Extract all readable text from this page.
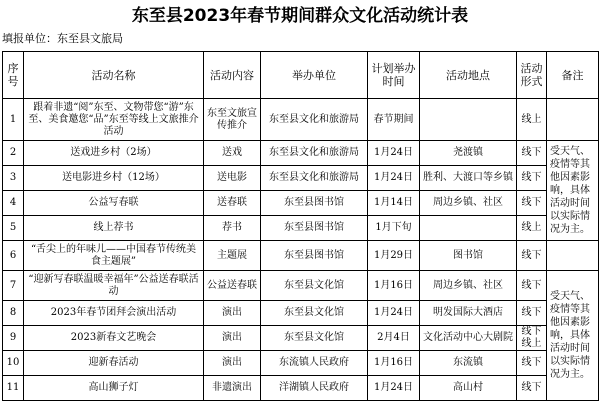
东至县2023年春节期间群众文化活动统计表
填报单位：东至县文旅局
序号	活动名称	活动内容	举办单位	计划举办时间	活动地点	活动形式	备注
1	跟着非遗“阅”东至、文物带您“游”东至、美食邀您“品”东至等线上文旅推介活动	东至文旅宣传推介	东至县文化和旅游局	春节期间		线上	
2	送戏进乡村（2场）	送戏	东至县文化和旅游局	1月24日	尧渡镇	线下	受天气、疫情等其他因素影响，具体活动时间以实际情况为主。
3	送电影进乡村（12场）	送电影	东至县文化和旅游局	1月24日	胜利、大渡口等乡镇	线下	
4	公益写春联	送春联	东至县图书馆	1月14日	周边乡镇、社区	线下	
5	线上荐书	荐书	东至县图书馆	1月下旬		线上	
6	“舌尖上的年味儿——中国春节传统美食主题展”	主题展	东至县图书馆	1月29日	图书馆	线下	
7	“迎新写春联温暖幸福年”公益送春联活动	公益送春联	东至县文化馆	1月16日	周边乡镇、社区	线下	受天气、疫情等其他因素影响，具体活动时间以实际情况为主。
8	2023年春节团拜会演出活动	演出	东至县文化馆	1月24日	明发国际大酒店	线下	
9	2023新春文艺晚会	演出	东至县文化馆	2月4日	文化活动中心大剧院	线下线上	
10	迎新春活动	演出	东流镇人民政府	1月16日	东流镇	线下	
11	高山狮子灯	非遗演出	洋湖镇人民政府	1月24日	高山村	线下	
